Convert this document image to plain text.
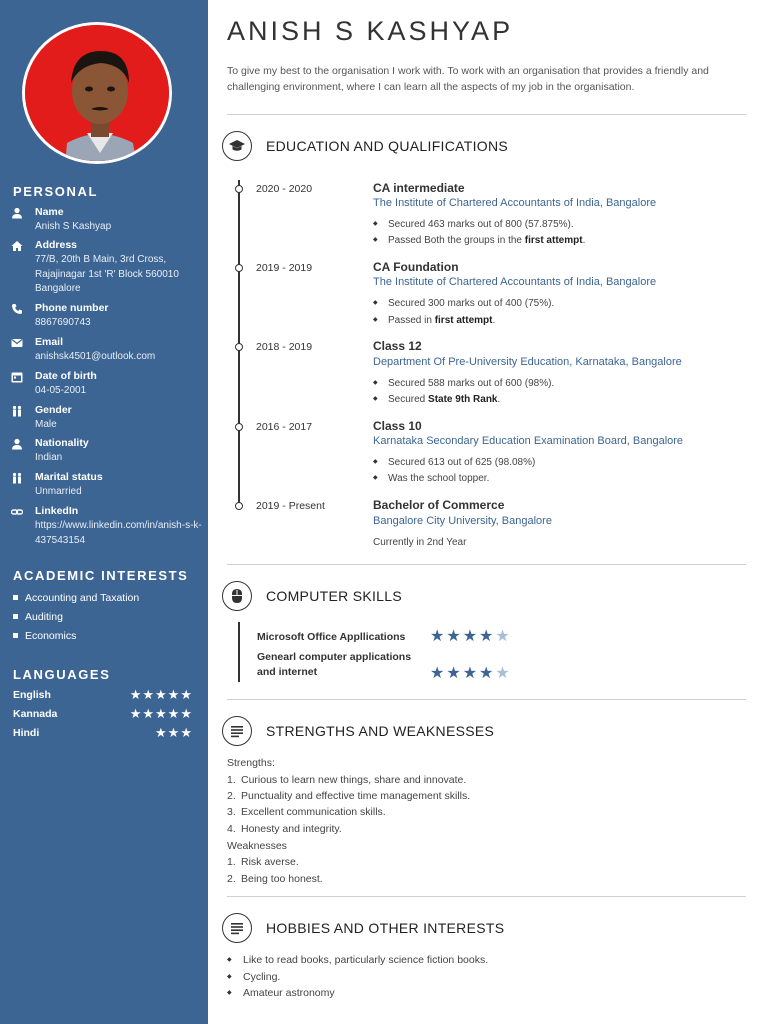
PERSONAL
Name
Anish S Kashyap
Address
77/B, 20th B Main, 3rd Cross, Rajajinagar 1st 'R' Block 560010 Bangalore
Phone number
8867690743
Email
anishsk4501@outlook.com
Date of birth
04-05-2001
Gender
Male
Nationality
Indian
Marital status
Unmarried
LinkedIn
https://www.linkedin.com/in/anish-s-k-437543154
ACADEMIC INTERESTS
Accounting and Taxation
Auditing
Economics
LANGUAGES
English	★★★★★
Kannada	★★★★★
Hindi	★★★
ANISH S KASHYAP

To give my best to the organisation I work with. To work with an organisation that provides a friendly and challenging environment, where I can learn all the aspects of my job in the organisation.

EDUCATION AND QUALIFICATIONS
2020 - 2020	CA intermediate
The Institute of Chartered Accountants of India, Bangalore
◆ Secured 463 marks out of 800 (57.875%).
◆ Passed Both the groups in the first attempt.
2019 - 2019	CA Foundation
The Institute of Chartered Accountants of India, Bangalore
◆ Secured 300 marks out of 400 (75%).
◆ Passed in first attempt.
2018 - 2019	Class 12
Department Of Pre-University Education, Karnataka, Bangalore
◆ Secured 588 marks out of 600 (98%).
◆ Secured State 9th Rank.
2016 - 2017	Class 10
Karnataka Secondary Education Examination Board, Bangalore
◆ Secured 613 out of 625 (98.08%)
◆ Was the school topper.
2019 - Present	Bachelor of Commerce
Bangalore City University, Bangalore
Currently in 2nd Year
COMPUTER SKILLS
Microsoft Office Appllications	★★★★★
Genearl computer applications and internet	★★★★★
STRENGTHS AND WEAKNESSES
Strengths:
1. Curious to learn new things, share and innovate.
2. Punctuality and effective time management skills.
3. Excellent communication skills.
4. Honesty and integrity.
Weaknesses
1. Risk averse.
2. Being too honest.
HOBBIES AND OTHER INTERESTS
◆ Like to read books, particularly science fiction books.
◆ Cycling.
◆ Amateur astronomy
